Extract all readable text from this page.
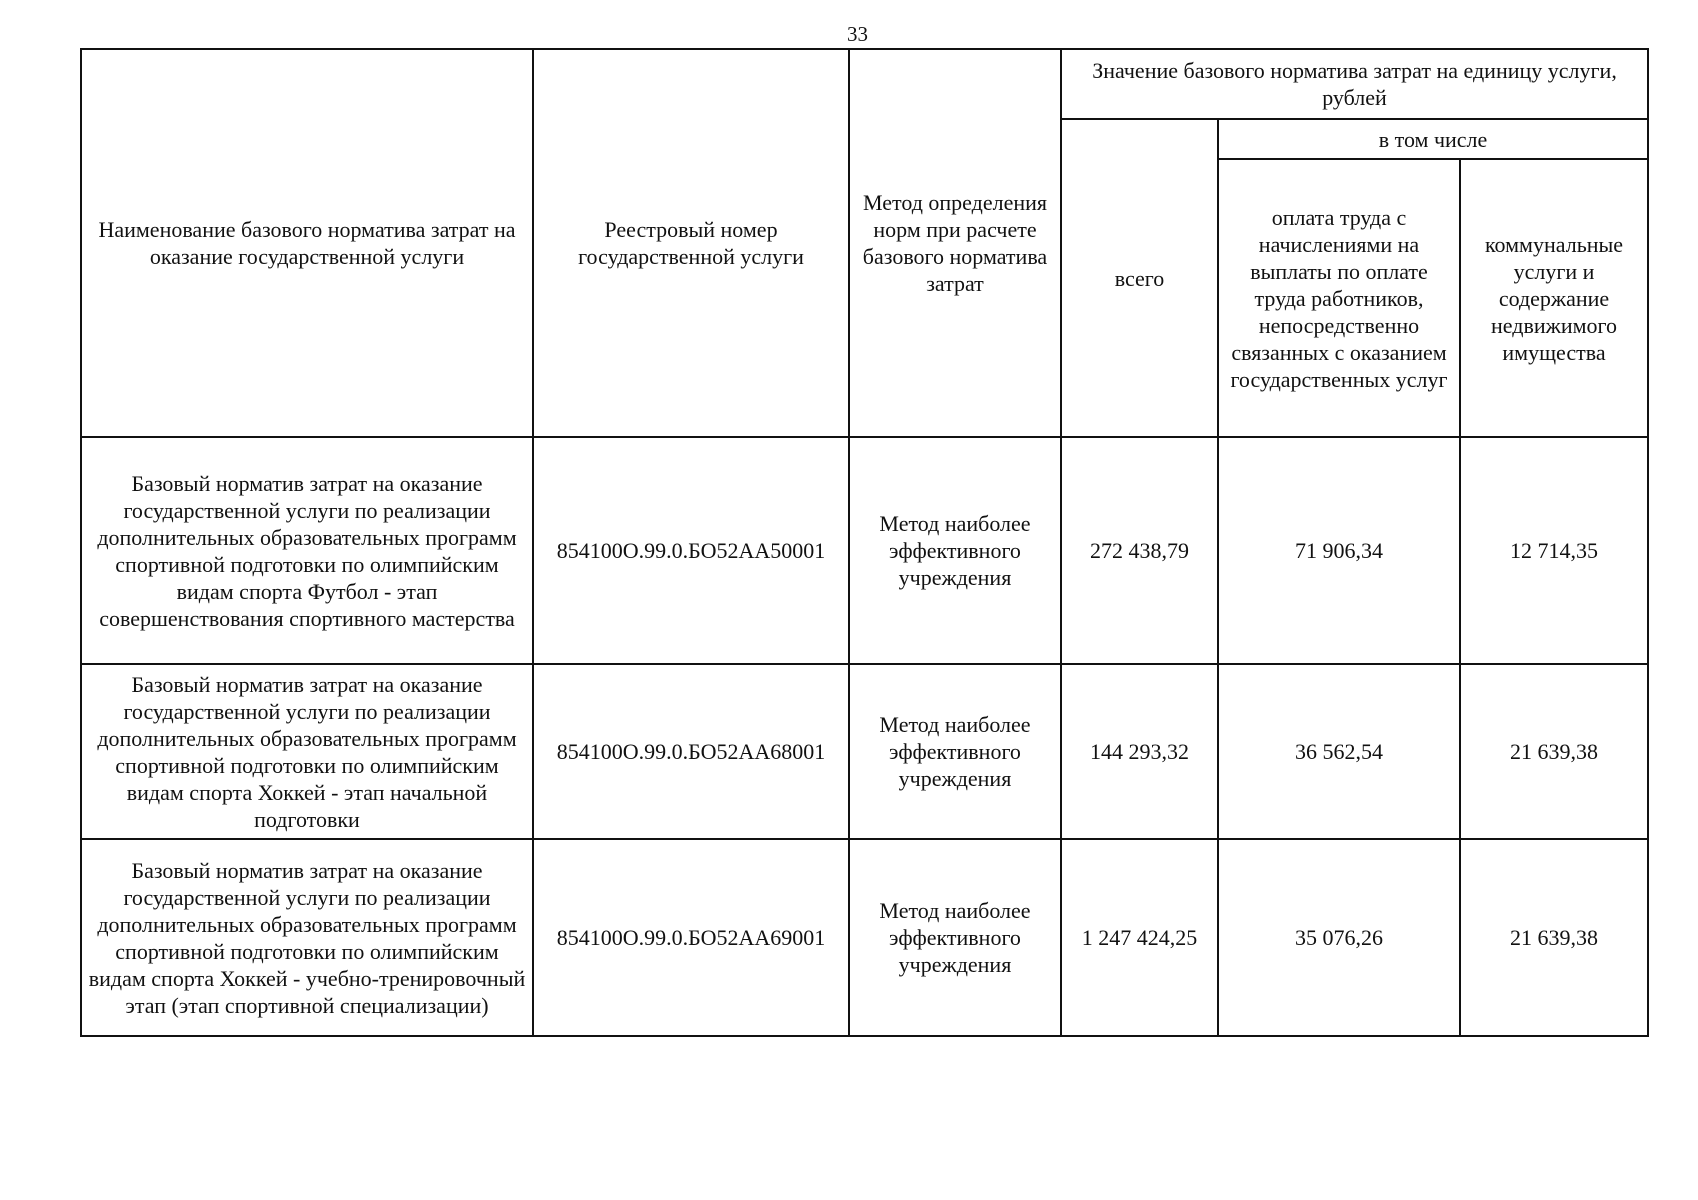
33
Наименование базового норматива затрат на оказание государственной услуги	Реестровый номер государственной услуги	Метод определения норм при расчете базового норматива затрат	Значение базового норматива затрат на единицу услуги, рублей		
			всего	в том числе	
				оплата труда с начислениями на выплаты по оплате труда работников, непосредственно связанных с оказанием государственных услуг	коммунальные услуги и содержание недвижимого имущества
Базовый норматив затрат на оказание государственной услуги по реализации дополнительных образовательных программ спортивной подготовки по олимпийским видам спорта Футбол - этап совершенствования спортивного мастерства	854100О.99.0.БО52АА50001	Метод наиболее эффективного учреждения	272 438,79	71 906,34	12 714,35
Базовый норматив затрат на оказание государственной услуги по реализации дополнительных образовательных программ спортивной подготовки по олимпийским видам спорта Хоккей - этап начальной подготовки	854100О.99.0.БО52АА68001	Метод наиболее эффективного учреждения	144 293,32	36 562,54	21 639,38
Базовый норматив затрат на оказание государственной услуги по реализации дополнительных образовательных программ спортивной подготовки по олимпийским видам спорта Хоккей - учебно-тренировочный этап (этап спортивной специализации)	854100О.99.0.БО52АА69001	Метод наиболее эффективного учреждения	1 247 424,25	35 076,26	21 639,38
